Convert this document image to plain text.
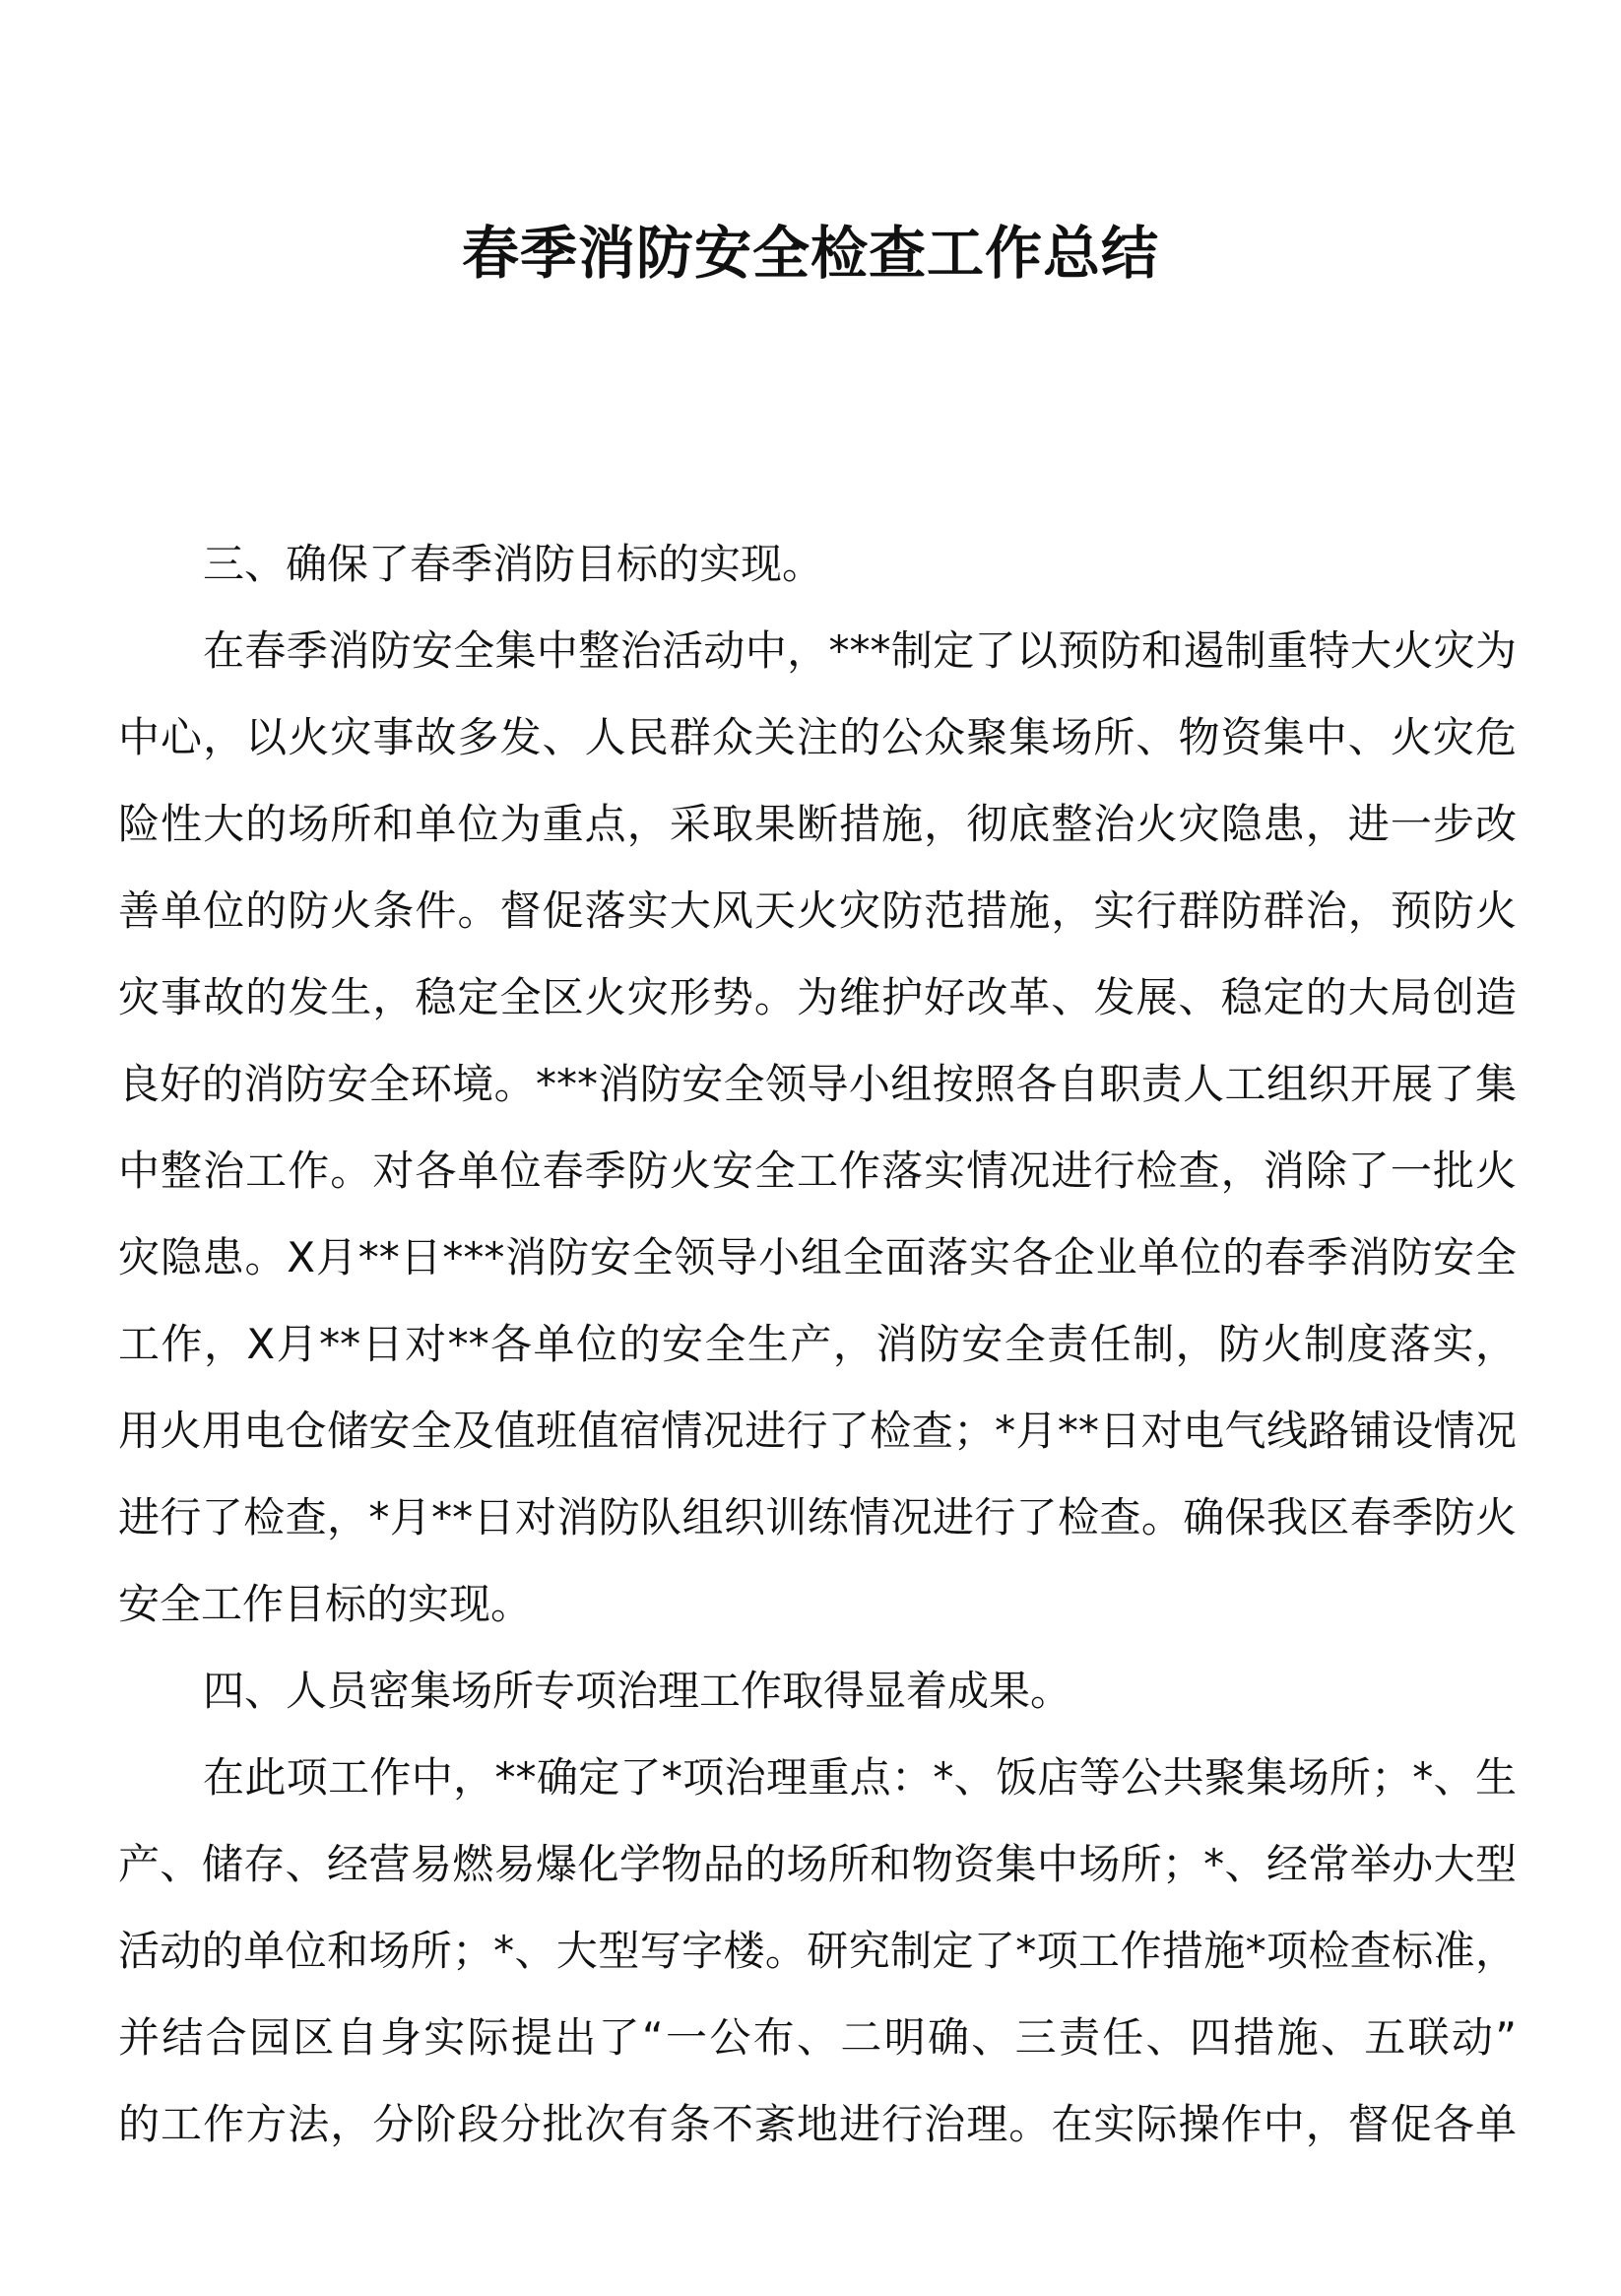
春季消防安全检查工作总结
三、确保了春季消防目标的实现。
在春季消防安全集中整治活动中，***制定了以预防和遏制重特大火灾为
中心，以火灾事故多发、人民群众关注的公众聚集场所、物资集中、火灾危
险性大的场所和单位为重点，采取果断措施，彻底整治火灾隐患，进一步改
善单位的防火条件。督促落实大风天火灾防范措施，实行群防群治，预防火
灾事故的发生，稳定全区火灾形势。为维护好改革、发展、稳定的大局创造
良好的消防安全环境。***消防安全领导小组按照各自职责人工组织开展了集
中整治工作。对各单位春季防火安全工作落实情况进行检查，消除了一批火
灾隐患。X月**日***消防安全领导小组全面落实各企业单位的春季消防安全
工作，X月**日对**各单位的安全生产，消防安全责任制，防火制度落实，
用火用电仓储安全及值班值宿情况进行了检查；*月**日对电气线路铺设情况
进行了检查，*月**日对消防队组织训练情况进行了检查。确保我区春季防火
安全工作目标的实现。
四、人员密集场所专项治理工作取得显着成果。
在此项工作中，**确定了*项治理重点：*、饭店等公共聚集场所；*、生
产、储存、经营易燃易爆化学物品的场所和物资集中场所；*、经常举办大型
活动的单位和场所；*、大型写字楼。研究制定了*项工作措施*项检查标准，
并结合园区自身实际提出了“一公布、二明确、三责任、四措施、五联动”
的工作方法，分阶段分批次有条不紊地进行治理。在实际操作中，督促各单
